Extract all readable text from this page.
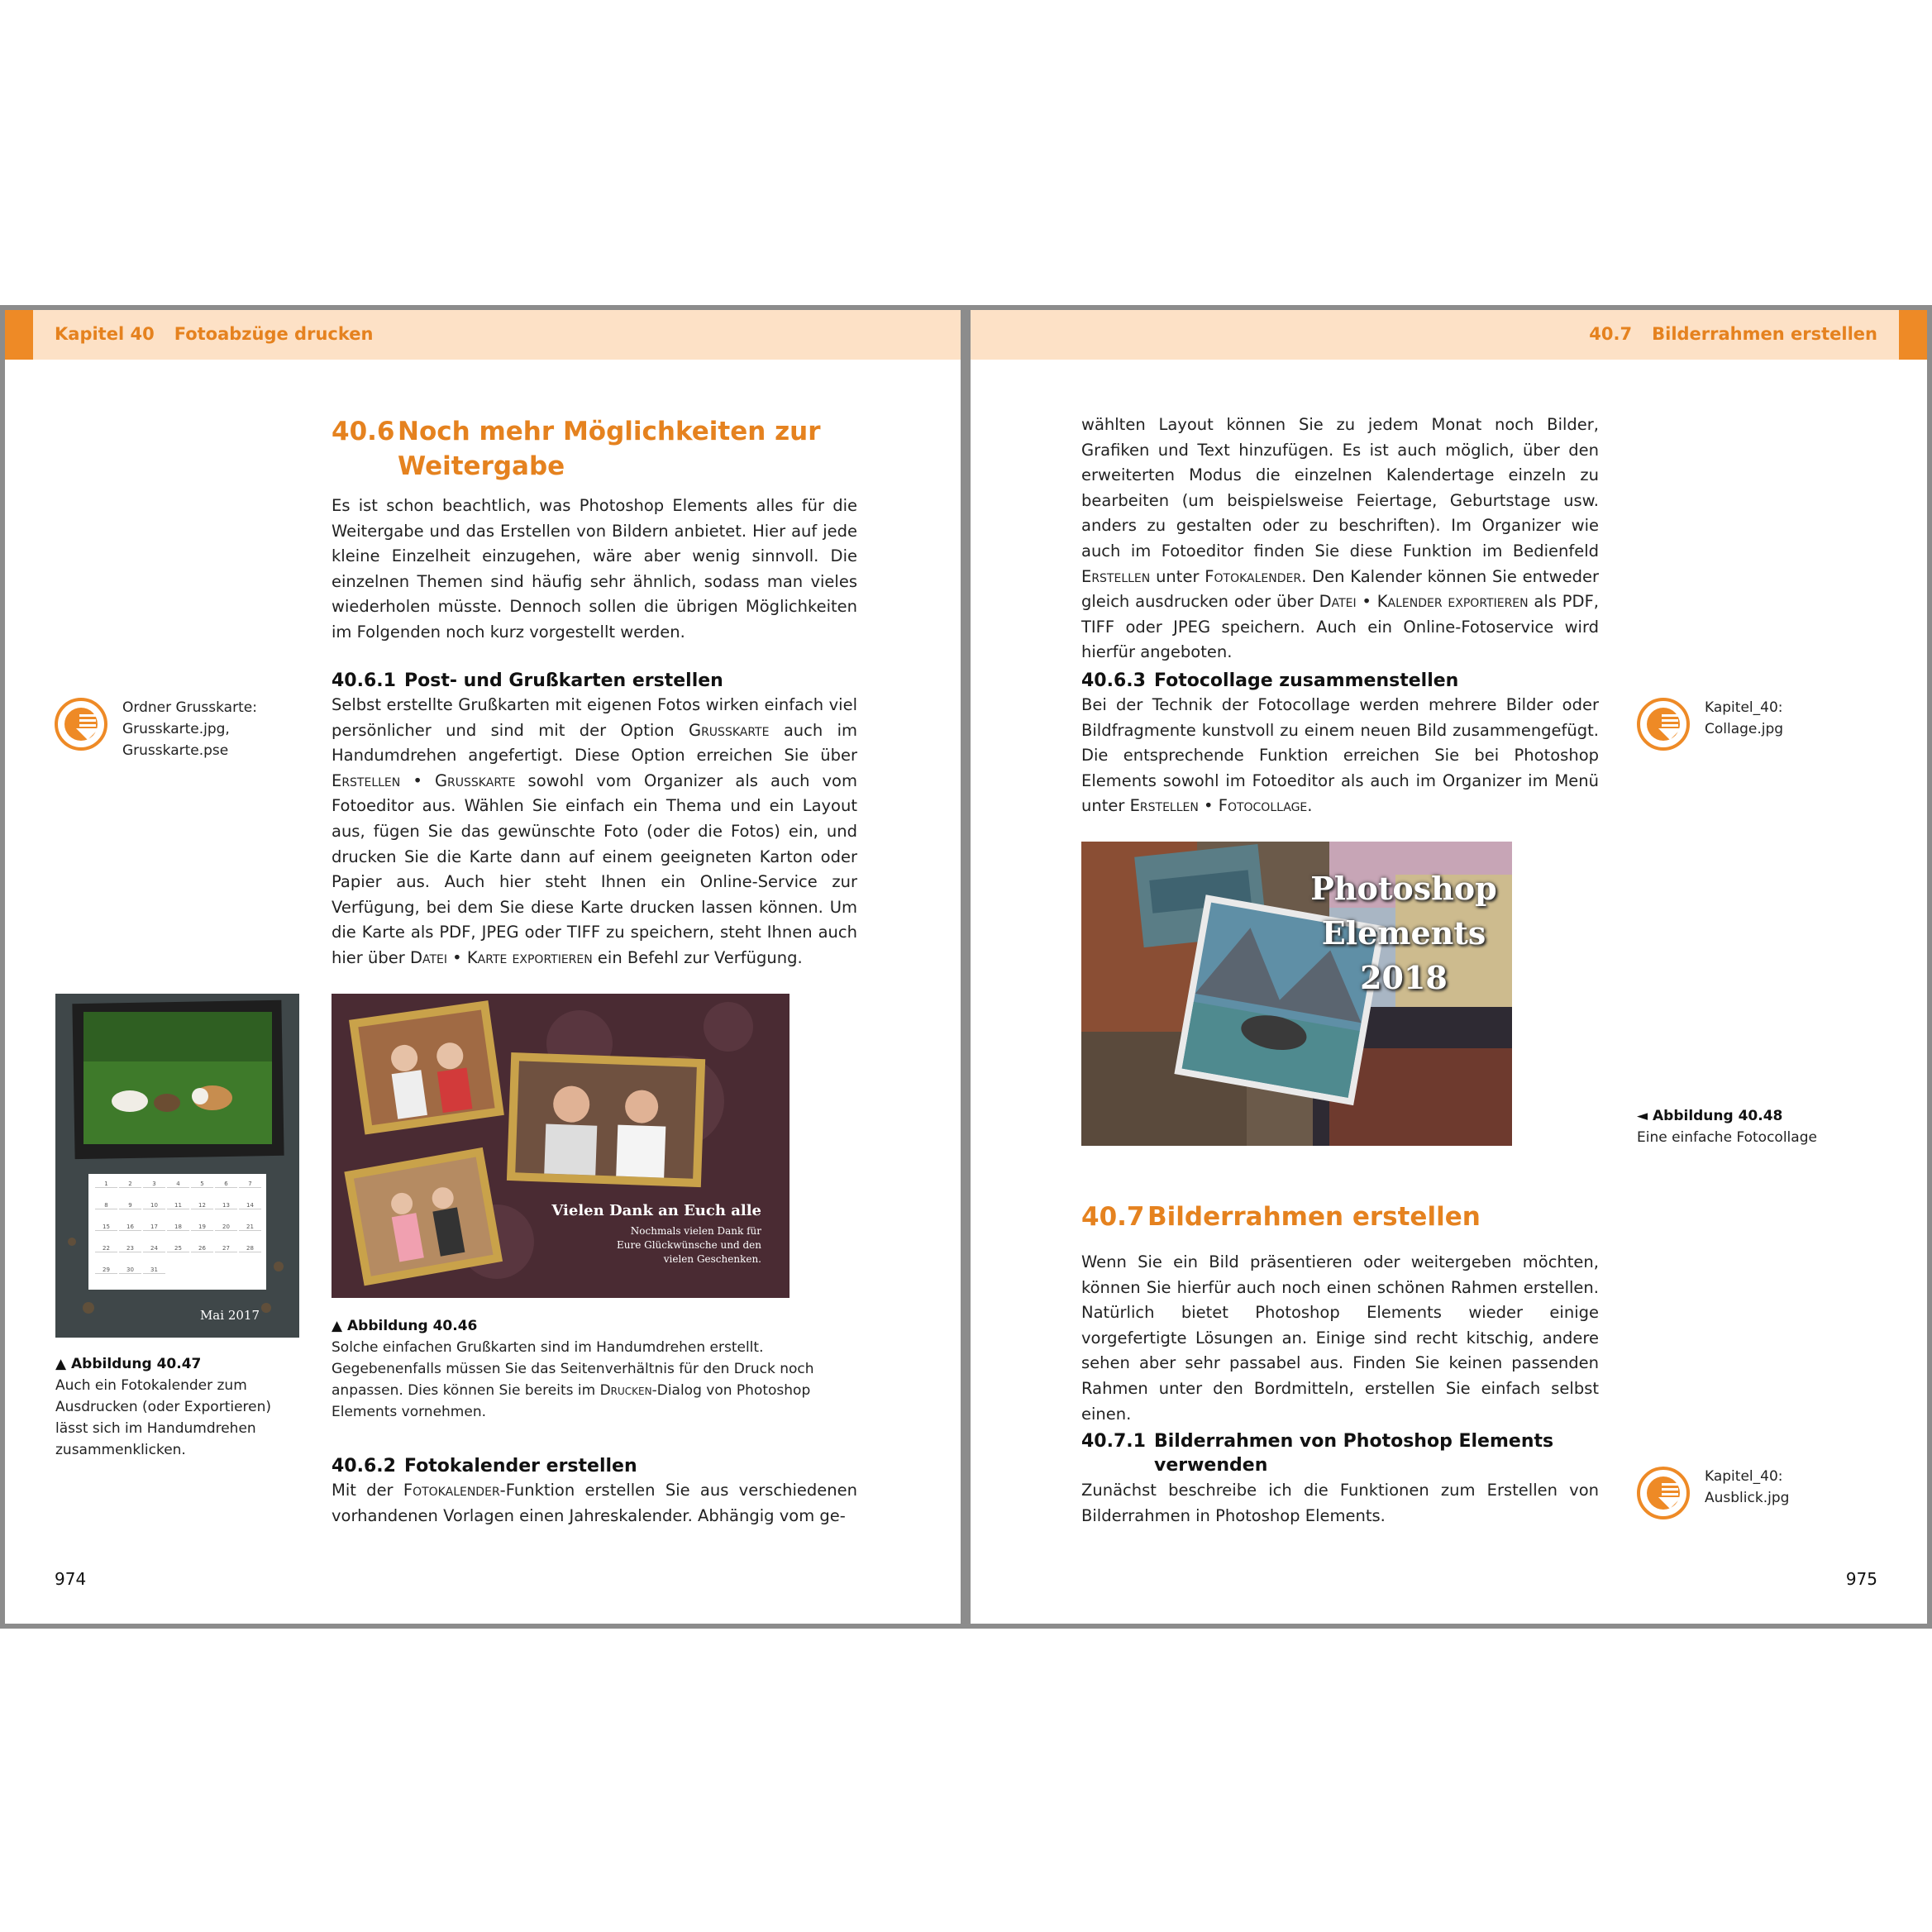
Kapitel 40 Fotoabzüge drucken
40.6 Noch mehr Möglichkeiten zur
Weitergabe
Es ist schon beachtlich, was Photoshop Elements alles für die Weitergabe und das Erstellen von Bildern anbietet. Hier auf jede kleine Einzelheit einzugehen, wäre aber wenig sinnvoll. Die einzelnen Themen sind häufig sehr ähnlich, sodass man vieles wiederholen müsste. Dennoch sollen die übrigen Möglichkeiten im Folgenden noch kurz vorgestellt werden.
40.6.1 Post- und Grußkarten erstellen
Selbst erstellte Grußkarten mit eigenen Fotos wirken einfach viel persönlicher und sind mit der Option Grusskarte auch im Handumdrehen angefertigt. Diese Option erreichen Sie über Erstellen • Grusskarte sowohl vom Organizer als auch vom Fotoeditor aus. Wählen Sie einfach ein Thema und ein Layout aus, fügen Sie das gewünschte Foto (oder die Fotos) ein, und drucken Sie die Karte dann auf einem geeigneten Karton oder Papier aus. Auch hier steht Ihnen ein Online-Service zur Verfügung, bei dem Sie diese Karte drucken lassen können. Um die Karte als PDF, JPEG oder TIFF zu speichern, steht Ihnen auch hier über Datei • Karte exportieren ein Befehl zur Verfügung.
Ordner Grusskarte:
Grusskarte.jpg,
Grusskarte.pse
1	2	3	4	5	6	7
8	9	10	11	12	13	14
15	16	17	18	19	20	21
22	23	24	25	26	27	28
29	30	31
Mai 2017
▲ Abbildung 40.47
Auch ein Fotokalender zum Ausdrucken (oder Exportieren) lässt sich im Handumdrehen zusammenklicken.
Vielen Dank an Euch alle
Nochmals vielen Dank für
Eure Glückwünsche und den
vielen Geschenken.
▲ Abbildung 40.46
Solche einfachen Grußkarten sind im Handumdrehen erstellt. Gegebenenfalls müssen Sie das Seitenverhältnis für den Druck noch anpassen. Dies können Sie bereits im Drucken-Dialog von Photoshop Elements vornehmen.
40.6.2 Fotokalender erstellen
Mit der Fotokalender-Funktion erstellen Sie aus verschiedenen vorhandenen Vorlagen einen Jahreskalender. Abhängig vom ge-
974
40.7 Bilderrahmen erstellen
wählten Layout können Sie zu jedem Monat noch Bilder, Grafiken und Text hinzufügen. Es ist auch möglich, über den erweiterten Modus die einzelnen Kalendertage einzeln zu bearbeiten (um beispielsweise Feiertage, Geburtstage usw. anders zu gestalten oder zu beschriften). Im Organizer wie auch im Fotoeditor finden Sie diese Funktion im Bedienfeld Erstellen unter Fotokalender. Den Kalender können Sie entweder gleich ausdrucken oder über Datei • Kalender exportieren als PDF, TIFF oder JPEG speichern. Auch ein Online-Fotoservice wird hierfür angeboten.
40.6.3 Fotocollage zusammenstellen
Bei der Technik der Fotocollage werden mehrere Bilder oder Bildfragmente kunstvoll zu einem neuen Bild zusammengefügt. Die entsprechende Funktion erreichen Sie bei Photoshop Elements sowohl im Fotoeditor als auch im Organizer im Menü unter Erstellen • Fotocollage.
Kapitel_40:
Collage.jpg
Photoshop
Elements
2018
◄ Abbildung 40.48
Eine einfache Fotocollage
40.7 Bilderrahmen erstellen
Wenn Sie ein Bild präsentieren oder weitergeben möchten, können Sie hierfür auch noch einen schönen Rahmen erstellen. Natürlich bietet Photoshop Elements wieder einige vorgefertigte Lösungen an. Einige sind recht kitschig, andere sehen aber sehr passabel aus. Finden Sie keinen passenden Rahmen unter den Bordmitteln, erstellen Sie einfach selbst einen.
40.7.1 Bilderrahmen von Photoshop Elements
verwenden
Zunächst beschreibe ich die Funktionen zum Erstellen von Bilderrahmen in Photoshop Elements.
Kapitel_40:
Ausblick.jpg
975
